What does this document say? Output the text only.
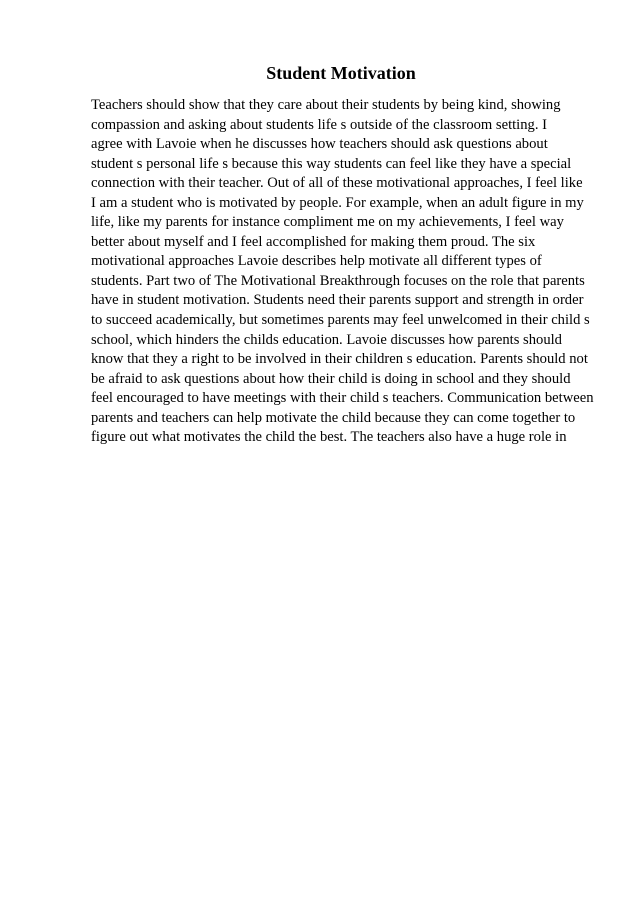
Student Motivation
Teachers should show that they care about their students by being kind, showing
compassion and asking about students life s outside of the classroom setting. I
agree with Lavoie when he discusses how teachers should ask questions about
student s personal life s because this way students can feel like they have a special
connection with their teacher. Out of all of these motivational approaches, I feel like
I am a student who is motivated by people. For example, when an adult figure in my
life, like my parents for instance compliment me on my achievements, I feel way
better about myself and I feel accomplished for making them proud. The six
motivational approaches Lavoie describes help motivate all different types of
students. Part two of The Motivational Breakthrough focuses on the role that parents
have in student motivation. Students need their parents support and strength in order
to succeed academically, but sometimes parents may feel unwelcomed in their child s
school, which hinders the childs education. Lavoie discusses how parents should
know that they a right to be involved in their children s education. Parents should not
be afraid to ask questions about how their child is doing in school and they should
feel encouraged to have meetings with their child s teachers. Communication between
parents and teachers can help motivate the child because they can come together to
figure out what motivates the child the best. The teachers also have a huge role in
